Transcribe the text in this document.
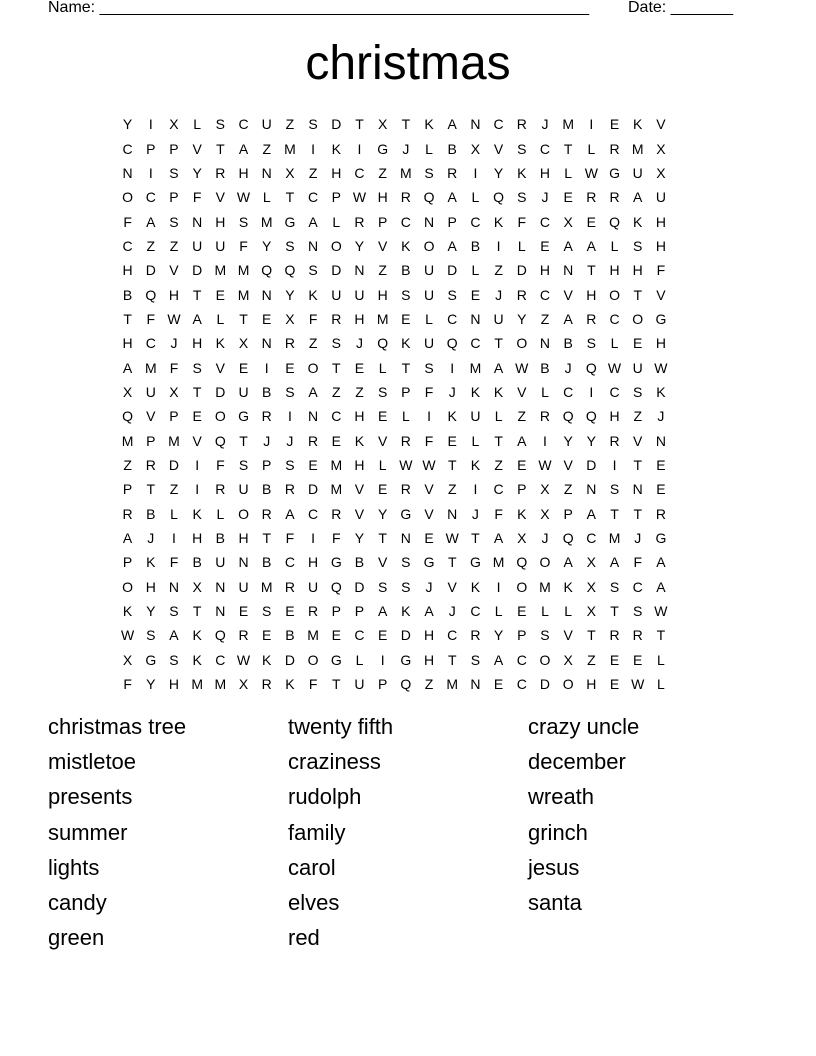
Name: _______________________________________________________ Date: _______
christmas
Y	I	X	L	S C U Z	S D T	X	T	K A N C R	J M	I	E K V
C P P V	T	A	Z M	I	K	I	G	J	L	B X V S C T	L	R M X
N	I	S Y R H N X	Z H C Z M S R	I	Y K H	L W G U X
O C P	F	V W L	T C P W H R Q A	L Q S	J	E R R A U
F	A S N H S M G A	L	R P C N P C K	F C X E Q K H
C Z	Z U U F	Y S N O Y V K O A B	I	L	E A A	L	S H
H D V D M M Q Q S D N Z	B U D	L	Z D H N T H H F
B Q H T	E M N Y K U U H S U S E	J	R C V H O T	V
T	F W A	L	T	E X	F R H M E	L	C N U Y	Z	A R C O G
H C	J	H K X N R Z	S	J	Q K U Q C T O N B S	L	E H
A M F	S V E	I	E O T	E	L	T	S	I	M A W B	J	Q W U W
X U X	T D U B S A	Z	Z	S P	F	J	K K V	L	C	I	C S K
Q V P E O G R	I	N C H E	L	I	K U	L	Z R Q Q H Z	J
M P M V Q T	J	J	R E K V R F	E	L	T	A	I	Y Y R V N
Z R D	I	F	S P S E M H	L W W T	K	Z	E W V D	I	T	E
P	T	Z	I	R U B R D M V E R V	Z	I	C P X	Z N S N E
R B	L	K	L O R A C R V Y G V N	J	F	K X P A	T	T R
A	J	I	H B H T	F	I	F	Y	T N E W T	A X	J	Q C M J	G
P K	F	B U N B C H G B V S G T G M Q O A X A	F	A
O H N X N U M R U Q D S S	J	V K	I	O M K X S C A
K Y S	T N E S E R P P A K A	J	C	L	E	L	L	X	T	S W
W S A K Q R E B M E C E D H C R Y P S V	T R R T
X G S K C W K D O G L	I	G H T	S A C O X	Z	E E	L
F	Y H M M X R K	F	T U P Q Z M N E C D O H E W L
christmas tree
mistletoe
presents
summer
lights
candy
green
twenty fifth
craziness
rudolph
family
carol
elves
red
crazy uncle
december
wreath
grinch
jesus
santa
